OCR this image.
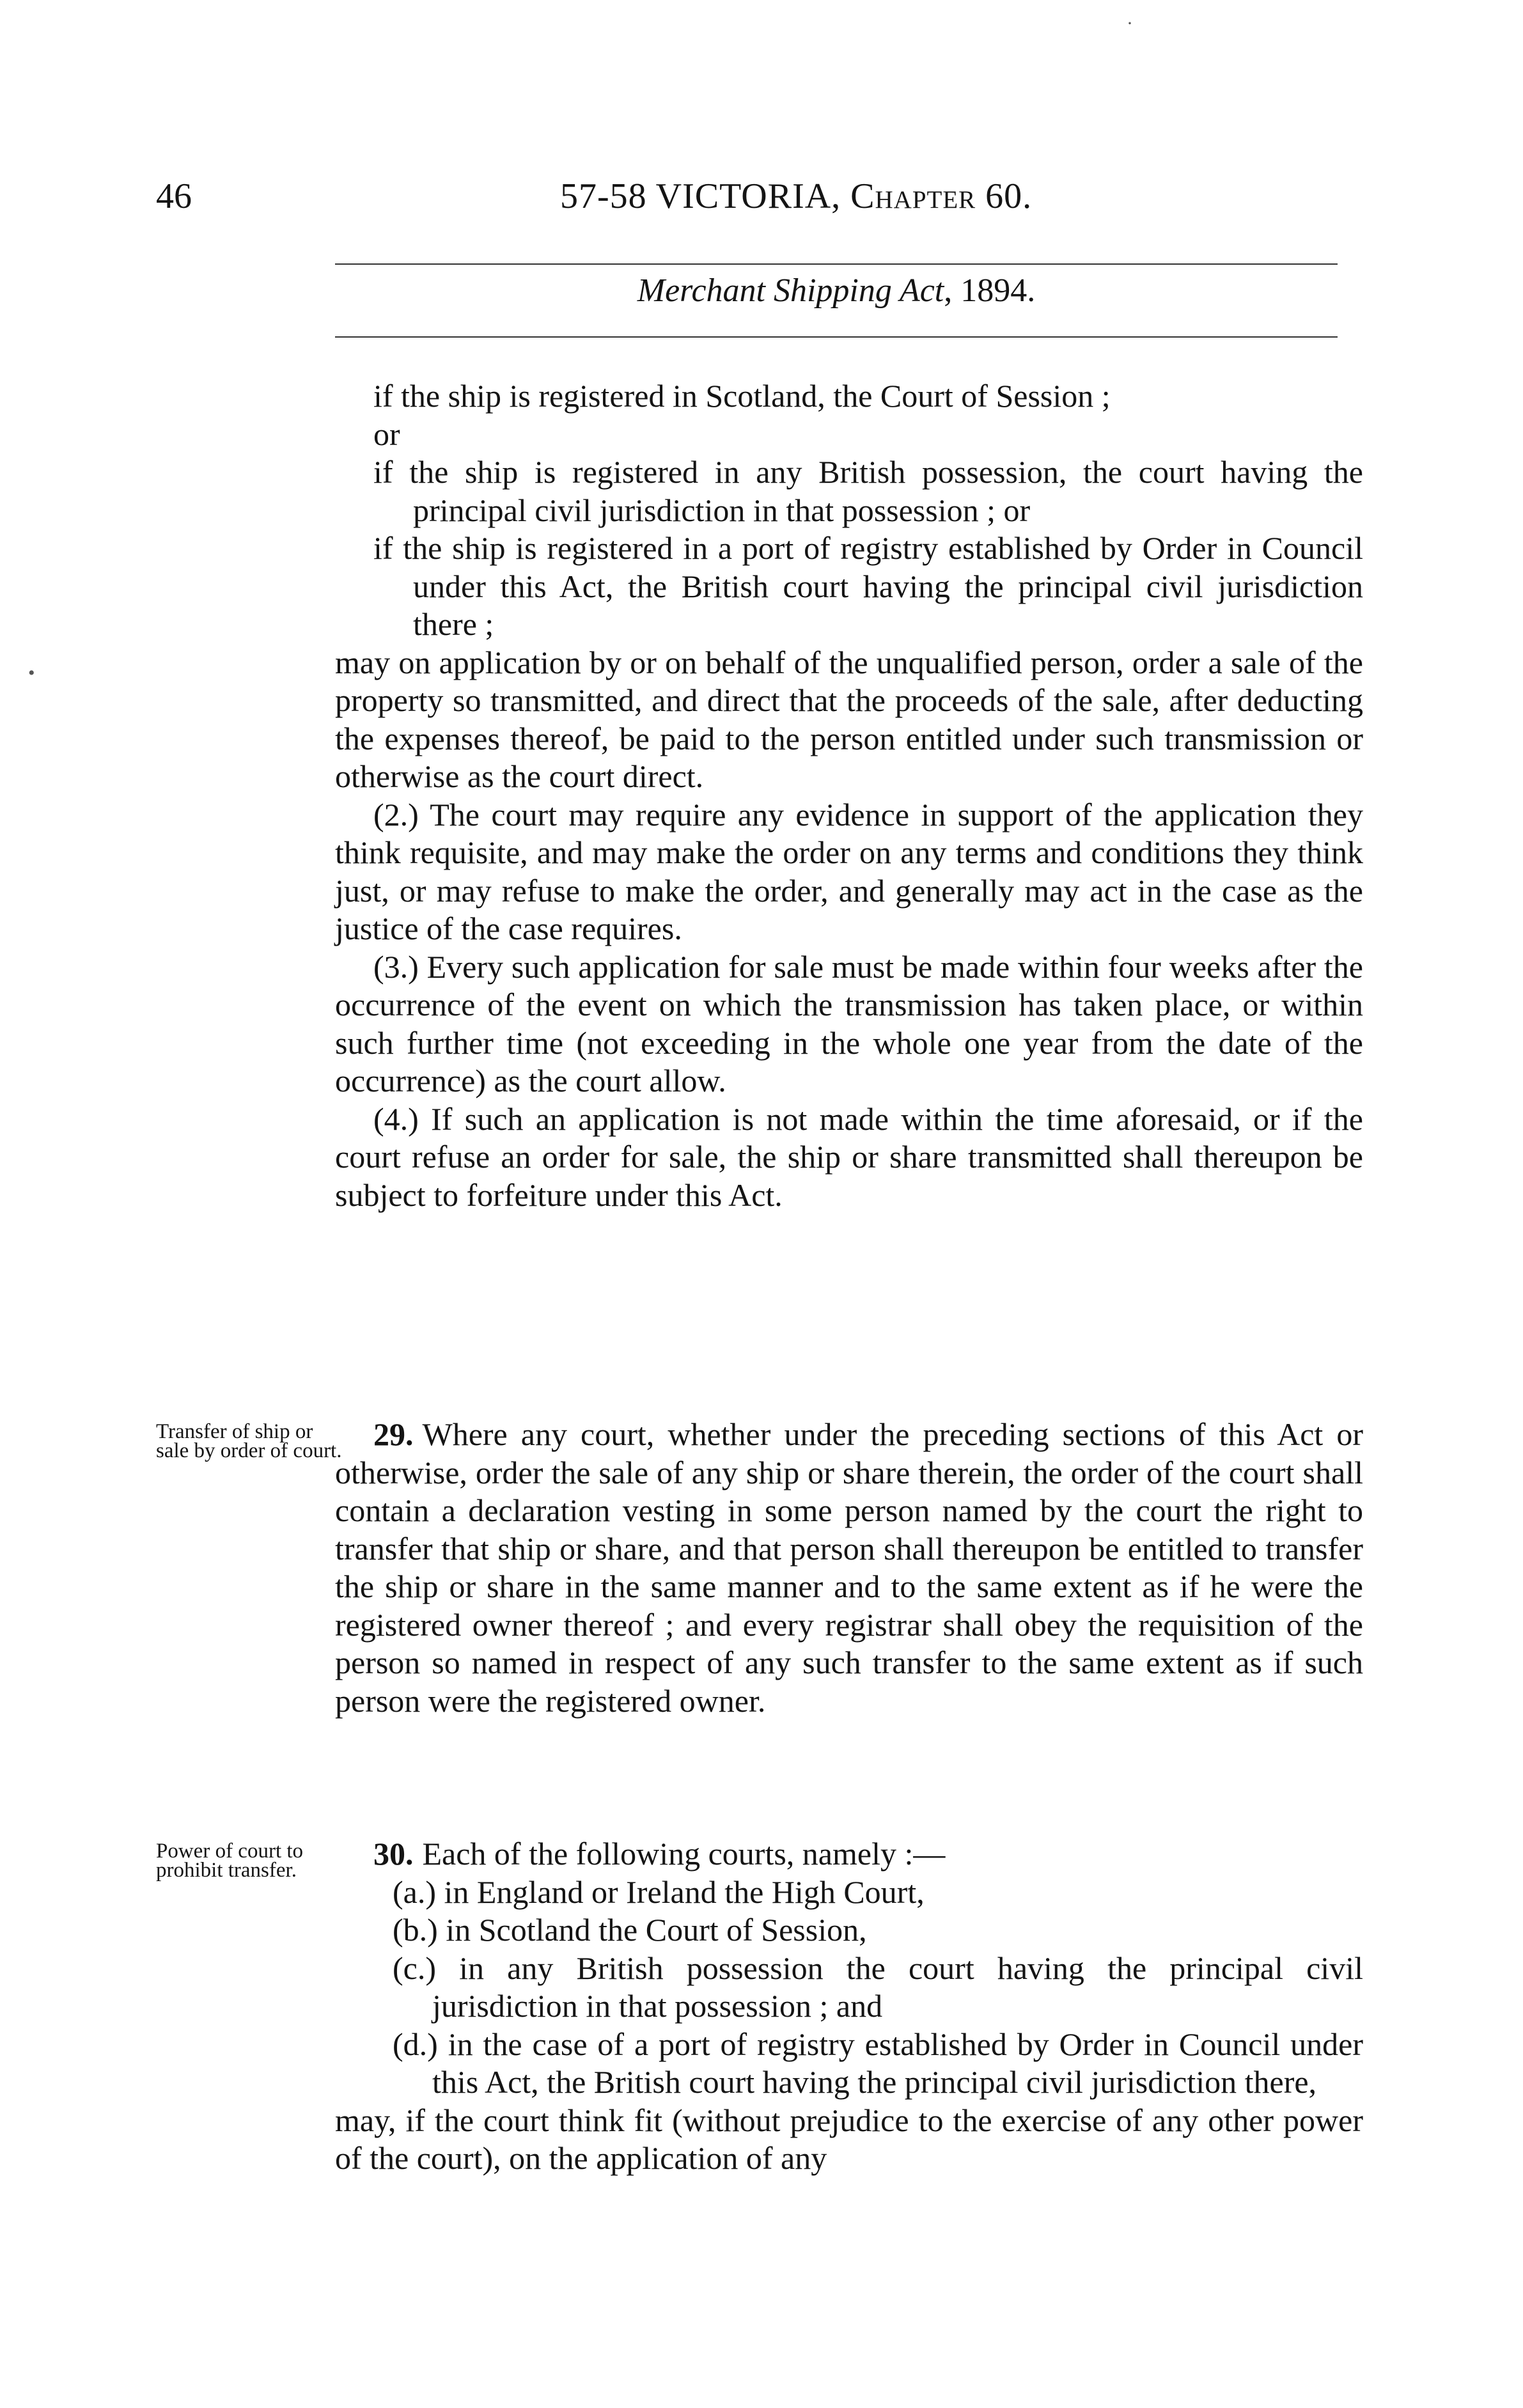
46	57-58 VICTORIA, Chapter 60.
Merchant Shipping Act, 1894.
•
·

if the ship is registered in Scotland, the Court of Session ;

or

if the ship is registered in any British possession, the court having the principal civil jurisdiction in that possession ; or

if the ship is registered in a port of registry established by Order in Council under this Act, the British court having the principal civil jurisdiction there ;

may on application by or on behalf of the unqualified person, order a sale of the property so transmitted, and direct that the proceeds of the sale, after deducting the expenses thereof, be paid to the person entitled under such transmission or otherwise as the court direct.

(2.) The court may require any evidence in support of the application they think requisite, and may make the order on any terms and conditions they think just, or may refuse to make the order, and generally may act in the case as the justice of the case requires.

(3.) Every such application for sale must be made within four weeks after the occurrence of the event on which the transmission has taken place, or within such further time (not exceeding in the whole one year from the date of the occurrence) as the court allow.

(4.) If such an application is not made within the time aforesaid, or if the court refuse an order for sale, the ship or share transmitted shall thereupon be subject to forfeiture under this Act.

Transfer of ship or sale by order of court. 29. Where any court, whether under the preceding sections of this Act or otherwise, order the sale of any ship or share therein, the order of the court shall contain a declaration vesting in some person named by the court the right to transfer that ship or share, and that person shall thereupon be entitled to transfer the ship or share in the same manner and to the same extent as if he were the registered owner thereof ; and every registrar shall obey the requisition of the person so named in respect of any such transfer to the same extent as if such person were the registered owner.

Power of court to prohibit transfer.	30. Each of the following courts, namely :—

(a.) in England or Ireland the High Court,

(b.) in Scotland the Court of Session,

(c.) in any British possession the court having the principal civil jurisdiction in that possession ; and

(d.) in the case of a port of registry established by Order in Council under this Act, the British court having the principal civil jurisdiction there,

may, if the court think fit (without prejudice to the exercise of any other power of the court), on the application of any
